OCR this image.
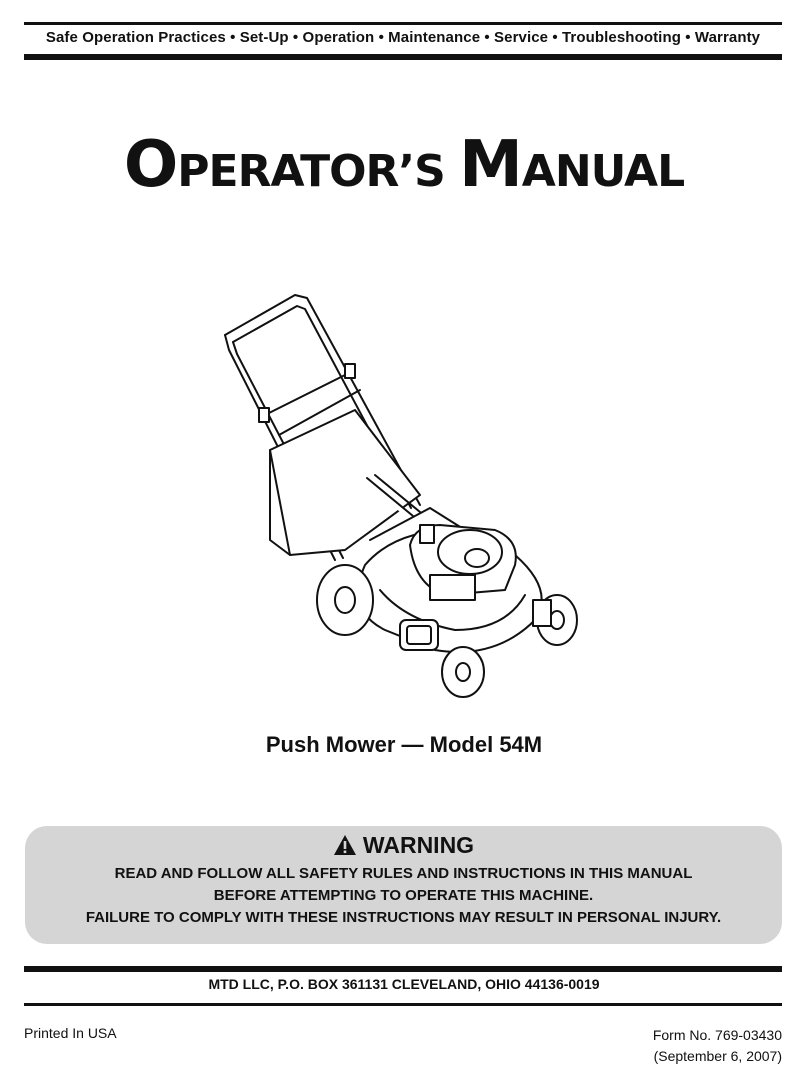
Safe Operation Practices • Set-Up • Operation • Maintenance • Service • Troubleshooting • Warranty
OPERATOR’S MANUAL
Push Mower — Model 54M
WARNING
READ AND FOLLOW ALL SAFETY RULES AND INSTRUCTIONS IN THIS MANUAL
BEFORE ATTEMPTING TO OPERATE THIS MACHINE.
FAILURE TO COMPLY WITH THESE INSTRUCTIONS MAY RESULT IN PERSONAL INJURY.
MTD LLC, P.O. BOX 361131 CLEVELAND, OHIO 44136-0019
Printed In USA	Form No. 769-03430
(September 6, 2007)
